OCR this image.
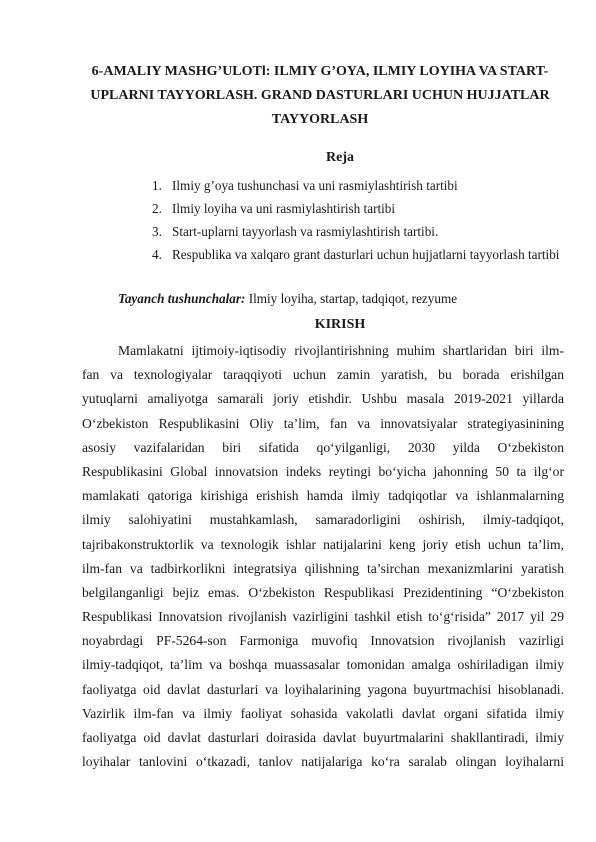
6-AMALIY MASHG’ULOTl: ILMIY G’OYA, ILMIY LOYIHA VA START-
UPLARNI TAYYORLASH. GRAND DASTURLARI UCHUN HUJJATLAR
TAYYORLASH
Reja
1. Ilmiy g’oya tushunchasi va uni rasmiylashtirish tartibi
2. Ilmiy loyiha va uni rasmiylashtirish tartibi
3. Start-uplarni tayyorlash va rasmiylashtirish tartibi.
4. Respublika va xalqaro grant dasturlari uchun hujjatlarni tayyorlash tartibi
Tayanch tushunchalar: Ilmiy loyiha, startap, tadqiqot, rezyume
KIRISH
Mamlakatni ijtimoiy-iqtisodiy rivojlantirishning muhim shartlaridan biri ilm-
fan va texnologiyalar taraqqiyoti uchun zamin yaratish, bu borada erishilgan
yutuqlarni amaliyotga samarali joriy etishdir. Ushbu masala 2019-2021 yillarda
O‘zbekiston Respublikasini Oliy ta’lim, fan va innovatsiyalar strategiyasinining
asosiy vazifalaridan biri sifatida qo‘yilganligi, 2030 yilda O‘zbekiston
Respublikasini Global innovatsion indeks reytingi bo‘yicha jahonning 50 ta ilg‘or
mamlakati qatoriga kirishiga erishish hamda ilmiy tadqiqotlar va ishlanmalarning
ilmiy salohiyatini mustahkamlash, samaradorligini oshirish, ilmiy-tadqiqot,
tajribakonstruktorlik va texnologik ishlar natijalarini keng joriy etish uchun ta’lim,
ilm-fan va tadbirkorlikni integratsiya qilishning ta’sirchan mexanizmlarini yaratish
belgilanganligi bejiz emas. O‘zbekiston Respublikasi Prezidentining “O‘zbekiston
Respublikasi Innovatsion rivojlanish vazirligini tashkil etish to‘g‘risida” 2017 yil 29
noyabrdagi PF-5264-son Farmoniga muvofiq Innovatsion rivojlanish vazirligi
ilmiy-tadqiqot, ta’lim va boshqa muassasalar tomonidan amalga oshiriladigan ilmiy
faoliyatga oid davlat dasturlari va loyihalarining yagona buyurtmachisi hisoblanadi.
Vazirlik ilm-fan va ilmiy faoliyat sohasida vakolatli davlat organi sifatida ilmiy
faoliyatga oid davlat dasturlari doirasida davlat buyurtmalarini shakllantiradi, ilmiy
loyihalar tanlovini o‘tkazadi, tanlov natijalariga ko‘ra saralab olingan loyihalarni
